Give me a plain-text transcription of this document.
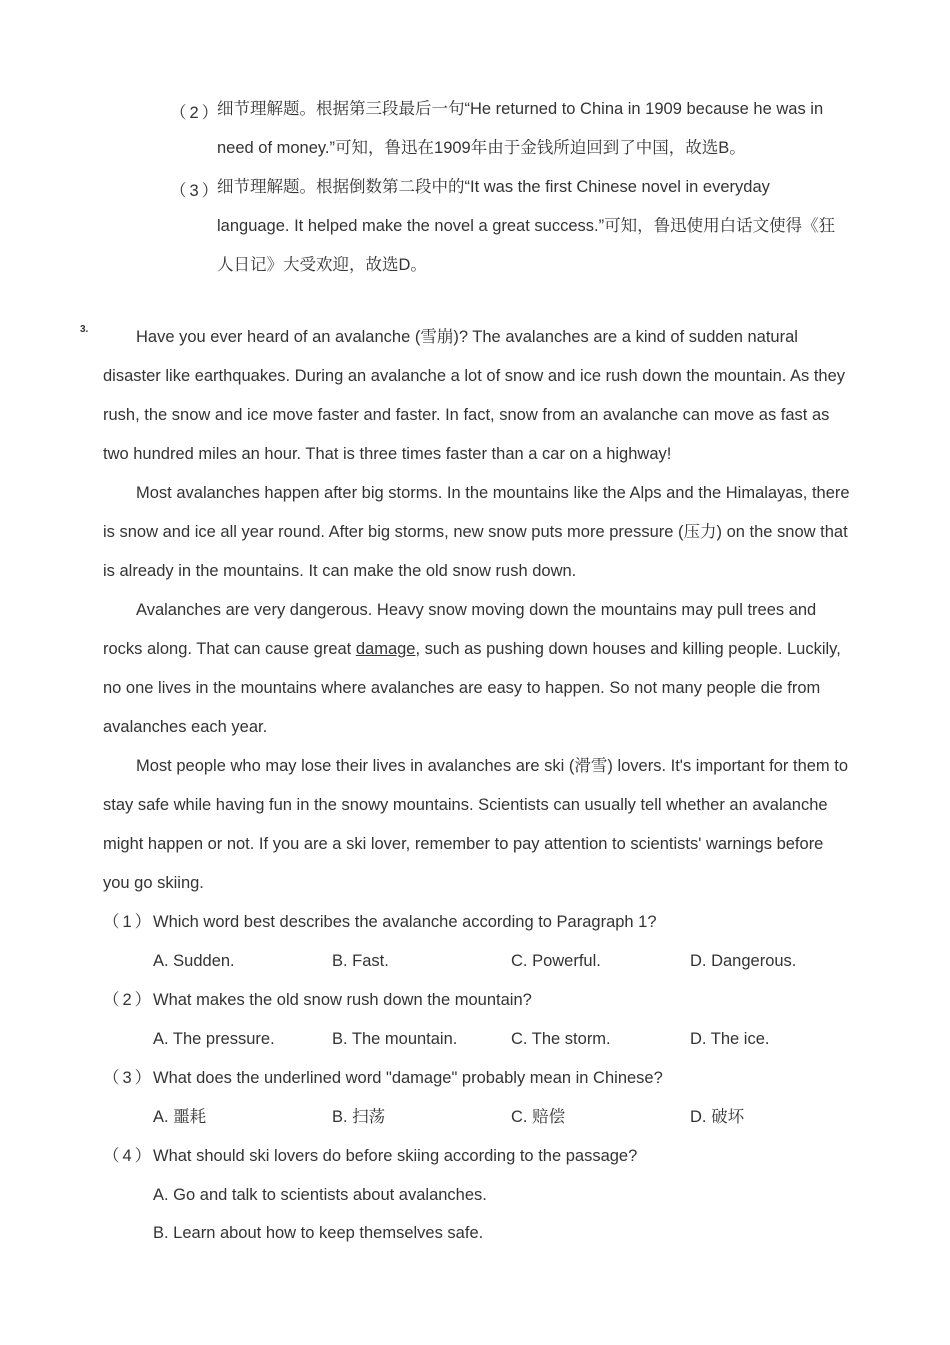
（2）
细节理解题。根据第三段最后一句“He returned to China in 1909 because he was in
need of money.”可知，鲁迅在1909年由于金钱所迫回到了中国，故选B。
（3）
细节理解题。根据倒数第二段中的“It was the first Chinese novel in everyday
language. It helped make the novel a great success.”可知，鲁迅使用白话文使得《狂
人日记》大受欢迎，故选D。
3.	Have you ever heard of an avalanche (雪崩)? The avalanches are a kind of sudden natural
disaster like earthquakes. During an avalanche a lot of snow and ice rush down the mountain. As they
rush, the snow and ice move faster and faster. In fact, snow from an avalanche can move as fast as
two hundred miles an hour. That is three times faster than a car on a highway!
Most avalanches happen after big storms. In the mountains like the Alps and the Himalayas, there
is snow and ice all year round. After big storms, new snow puts more pressure (压力) on the snow that
is already in the mountains. It can make the old snow rush down.
Avalanches are very dangerous. Heavy snow moving down the mountains may pull trees and
rocks along. That can cause great damage, such as pushing down houses and killing people. Luckily,
no one lives in the mountains where avalanches are easy to happen. So not many people die from
avalanches each year.
Most people who may lose their lives in avalanches are ski (滑雪) lovers. It's important for them to
stay safe while having fun in the snowy mountains. Scientists can usually tell whether an avalanche
might happen or not. If you are a ski lover, remember to pay attention to scientists' warnings before
you go skiing.
（1）
Which word best describes the avalanche according to Paragraph 1?
A. Sudden.	B. Fast.	C. Powerful.	D. Dangerous.
（2）
What makes the old snow rush down the mountain?
A. The pressure.	B. The mountain.	C. The storm.	D. The ice.
（3）
What does the underlined word "damage" probably mean in Chinese?
A. 噩耗	B. 扫荡	C. 赔偿	D. 破坏
（4）
What should ski lovers do before skiing according to the passage?
A. Go and talk to scientists about avalanches.
B. Learn about how to keep themselves safe.
